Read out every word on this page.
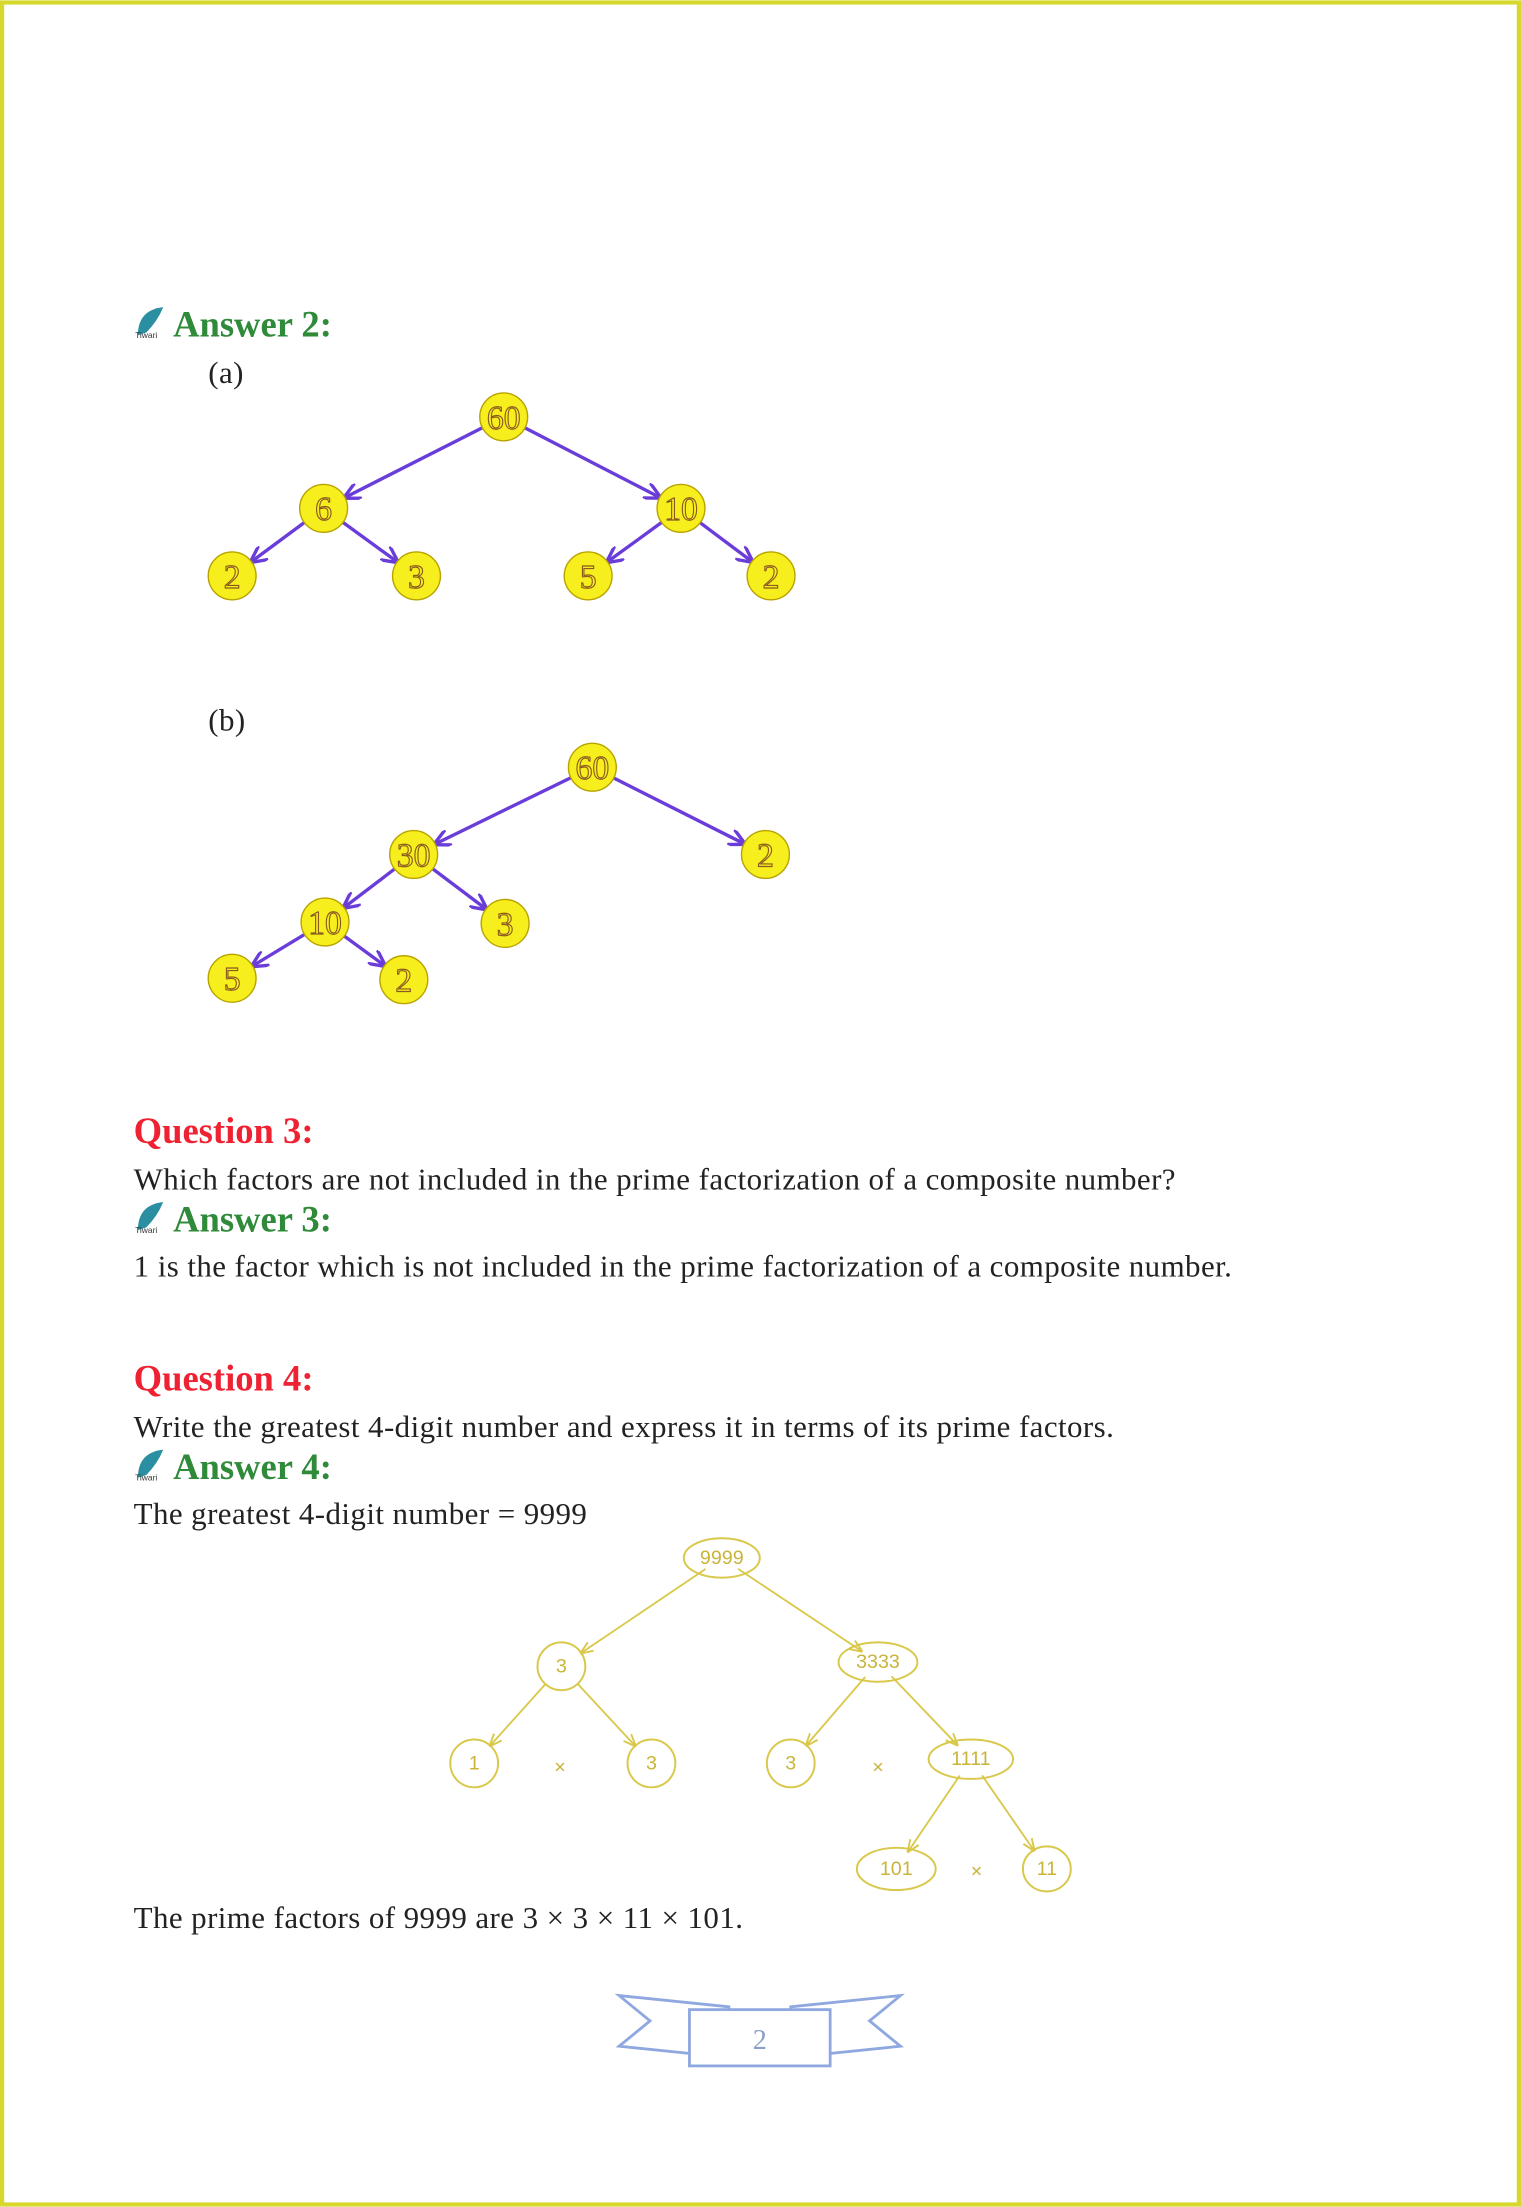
Tiwari Answer 2:
(a)
60
6	10
2	3	5	2
(b)
60
30	2
10	3
5	2
Question 3:
Which factors are not included in the prime factorization of a composite number?
Tiwari Answer 3:
1 is the factor which is not included in the prime factorization of a composite number.
Question 4:
Write the greatest 4-digit number and express it in terms of its prime factors.
Tiwari Answer 4:
The greatest 4-digit number = 9999
9999
3	3333
1	3	3	1111
101	11
×	×
×
The prime factors of 9999 are 3 × 3 × 11 × 101.
2
